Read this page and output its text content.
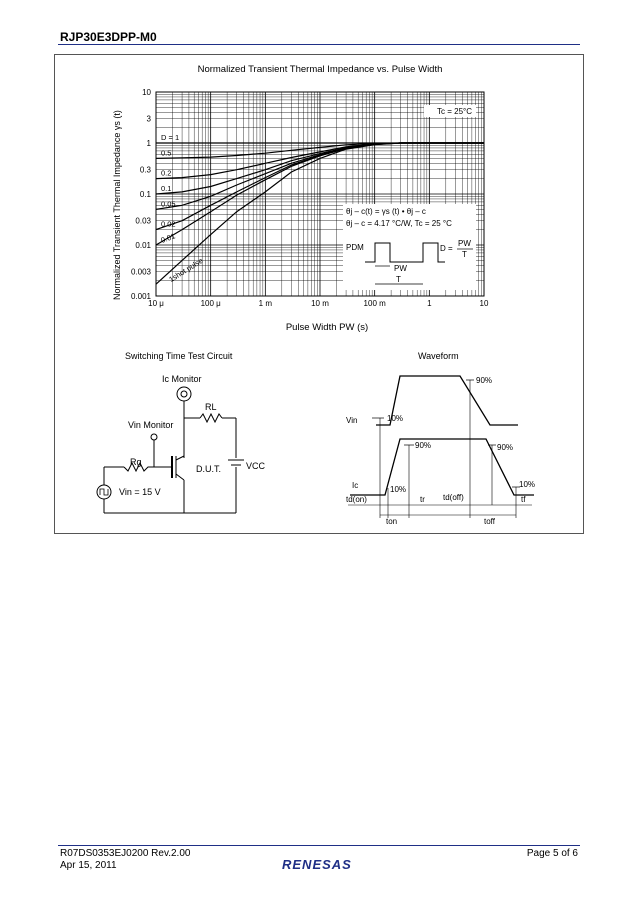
RJP30E3DPP-M0
Normalized Transient Thermal Impedance vs. Pulse Width
Normalized Transient Thermal Impedance γs (t)
Pulse Width PW (s)
10 μ	100 μ	1 m	10 m	100 m	1	10
0.001
0.003
0.01
0.03
0.1
0.3
1
3
10
D = 1
0.5
0.2
0.1
0.05
0.02
0.01
1shot pulse
Tc = 25°C
θj – c(t) = γs (t) • θj – c
θj – c = 4.17 °C/W, Tc = 25 °C
PDM
PW
T
D =
PW
T
Switching Time Test Circuit
Ic Monitor
RL
VCC
D.U.T.
Vin Monitor
Rg
Vin = 15 V
Waveform
Vin	10%
90%
Ic
90%	90%
10%
10%
td(on)	tr td(off)	tf
ton	toff
R07DS0353EJ0200 Rev.2.00
Apr 15, 2011
Page 5 of 6
RENESAS
